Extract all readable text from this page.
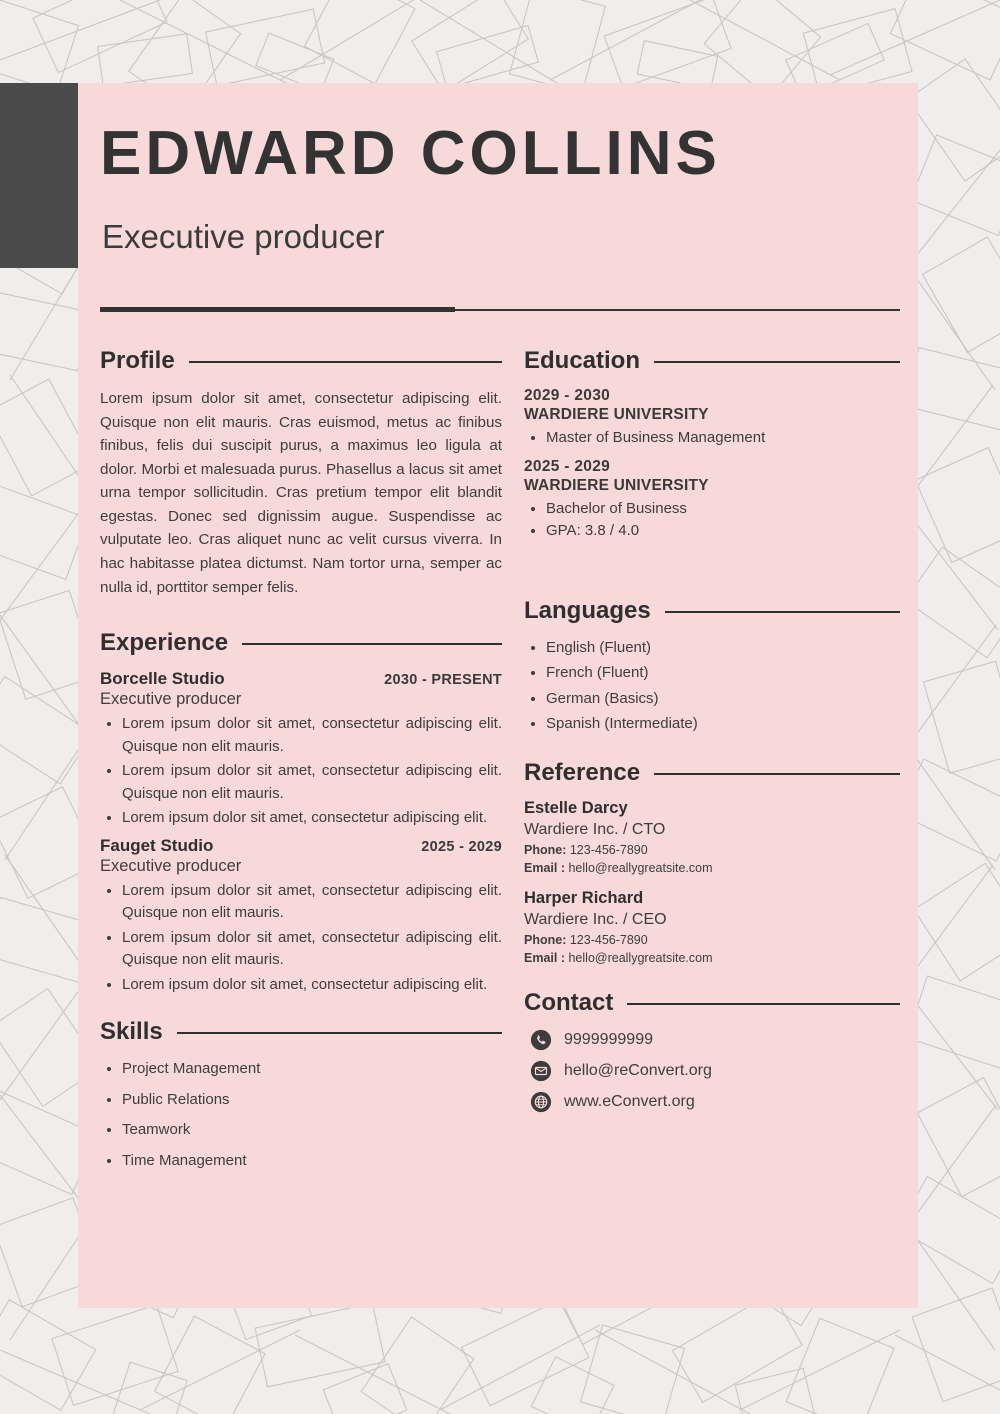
EDWARD COLLINS
Executive producer
Profile

Lorem ipsum dolor sit amet, consectetur adipiscing elit. Quisque non elit mauris. Cras euismod, metus ac finibus finibus, felis dui suscipit purus, a maximus leo ligula at dolor. Morbi et malesuada purus. Phasellus a lacus sit amet urna tempor sollicitudin. Cras pretium tempor elit blandit egestas. Donec sed dignissim augue. Suspendisse ac vulputate leo. Cras aliquet nunc ac velit cursus viverra. In hac habitasse platea dictumst. Nam tortor urna, semper ac nulla id, porttitor semper felis.

Experience
Borcelle Studio	2030 - PRESENT
Executive producer
• Lorem ipsum dolor sit amet, consectetur adipiscing elit. Quisque non elit mauris.
• Lorem ipsum dolor sit amet, consectetur adipiscing elit. Quisque non elit mauris.
• Lorem ipsum dolor sit amet, consectetur adipiscing elit.
Fauget Studio	2025 - 2029
Executive producer
• Lorem ipsum dolor sit amet, consectetur adipiscing elit. Quisque non elit mauris.
• Lorem ipsum dolor sit amet, consectetur adipiscing elit. Quisque non elit mauris.
• Lorem ipsum dolor sit amet, consectetur adipiscing elit.
Skills
• Project Management
• Public Relations
• Teamwork
• Time Management
Education
2029 - 2030
WARDIERE UNIVERSITY
• Master of Business Management
2025 - 2029
WARDIERE UNIVERSITY
• Bachelor of Business
• GPA: 3.8 / 4.0
Languages
• English (Fluent)
• French (Fluent)
• German (Basics)
• Spanish (Intermediate)
Reference
Estelle Darcy
Wardiere Inc. / CTO
Phone: 123-456-7890
Email : hello@reallygreatsite.com
Harper Richard
Wardiere Inc. / CEO
Phone: 123-456-7890
Email : hello@reallygreatsite.com
Contact
9999999999
hello@reConvert.org
www.eConvert.org
